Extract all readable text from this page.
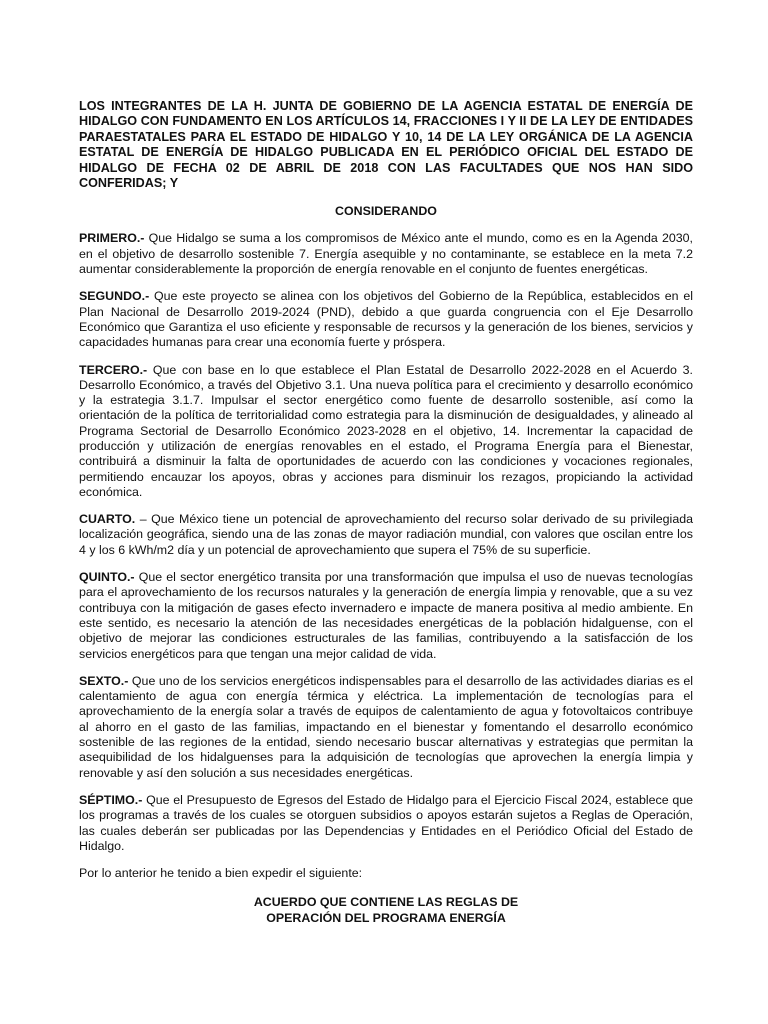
LOS INTEGRANTES DE LA H. JUNTA DE GOBIERNO DE LA AGENCIA ESTATAL DE ENERGÍA DE HIDALGO CON FUNDAMENTO EN LOS ARTÍCULOS 14, FRACCIONES I Y II DE LA LEY DE ENTIDADES PARAESTATALES PARA EL ESTADO DE HIDALGO Y 10, 14 DE LA LEY ORGÁNICA DE LA AGENCIA ESTATAL DE ENERGÍA DE HIDALGO PUBLICADA EN EL PERIÓDICO OFICIAL DEL ESTADO DE HIDALGO DE FECHA 02 DE ABRIL DE 2018 CON LAS FACULTADES QUE NOS HAN SIDO CONFERIDAS; Y

CONSIDERANDO

PRIMERO.- Que Hidalgo se suma a los compromisos de México ante el mundo, como es en la Agenda 2030, en el objetivo de desarrollo sostenible 7. Energía asequible y no contaminante, se establece en la meta 7.2 aumentar considerablemente la proporción de energía renovable en el conjunto de fuentes energéticas.

SEGUNDO.- Que este proyecto se alinea con los objetivos del Gobierno de la República, establecidos en el Plan Nacional de Desarrollo 2019-2024 (PND), debido a que guarda congruencia con el Eje Desarrollo Económico que Garantiza el uso eficiente y responsable de recursos y la generación de los bienes, servicios y capacidades humanas para crear una economía fuerte y próspera.

TERCERO.- Que con base en lo que establece el Plan Estatal de Desarrollo 2022-2028 en el Acuerdo 3. Desarrollo Económico, a través del Objetivo 3.1. Una nueva política para el crecimiento y desarrollo económico y la estrategia 3.1.7. Impulsar el sector energético como fuente de desarrollo sostenible, así como la orientación de la política de territorialidad como estrategia para la disminución de desigualdades, y alineado al Programa Sectorial de Desarrollo Económico 2023-2028 en el objetivo, 14. Incrementar la capacidad de producción y utilización de energías renovables en el estado, el Programa Energía para el Bienestar, contribuirá a disminuir la falta de oportunidades de acuerdo con las condiciones y vocaciones regionales, permitiendo encauzar los apoyos, obras y acciones para disminuir los rezagos, propiciando la actividad económica.

CUARTO. – Que México tiene un potencial de aprovechamiento del recurso solar derivado de su privilegiada localización geográfica, siendo una de las zonas de mayor radiación mundial, con valores que oscilan entre los 4 y los 6 kWh/m2 día y un potencial de aprovechamiento que supera el 75% de su superficie.

QUINTO.- Que el sector energético transita por una transformación que impulsa el uso de nuevas tecnologías para el aprovechamiento de los recursos naturales y la generación de energía limpia y renovable, que a su vez contribuya con la mitigación de gases efecto invernadero e impacte de manera positiva al medio ambiente. En este sentido, es necesario la atención de las necesidades energéticas de la población hidalguense, con el objetivo de mejorar las condiciones estructurales de las familias, contribuyendo a la satisfacción de los servicios energéticos para que tengan una mejor calidad de vida.

SEXTO.- Que uno de los servicios energéticos indispensables para el desarrollo de las actividades diarias es el calentamiento de agua con energía térmica y eléctrica. La implementación de tecnologías para el aprovechamiento de la energía solar a través de equipos de calentamiento de agua y fotovoltaicos contribuye al ahorro en el gasto de las familias, impactando en el bienestar y fomentando el desarrollo económico sostenible de las regiones de la entidad, siendo necesario buscar alternativas y estrategias que permitan la asequibilidad de los hidalguenses para la adquisición de tecnologías que aprovechen la energía limpia y renovable y así den solución a sus necesidades energéticas.

SÉPTIMO.- Que el Presupuesto de Egresos del Estado de Hidalgo para el Ejercicio Fiscal 2024, establece que los programas a través de los cuales se otorguen subsidios o apoyos estarán sujetos a Reglas de Operación, las cuales deberán ser publicadas por las Dependencias y Entidades en el Periódico Oficial del Estado de Hidalgo.

Por lo anterior he tenido a bien expedir el siguiente:

ACUERDO QUE CONTIENE LAS REGLAS DE
OPERACIÓN DEL PROGRAMA ENERGÍA
